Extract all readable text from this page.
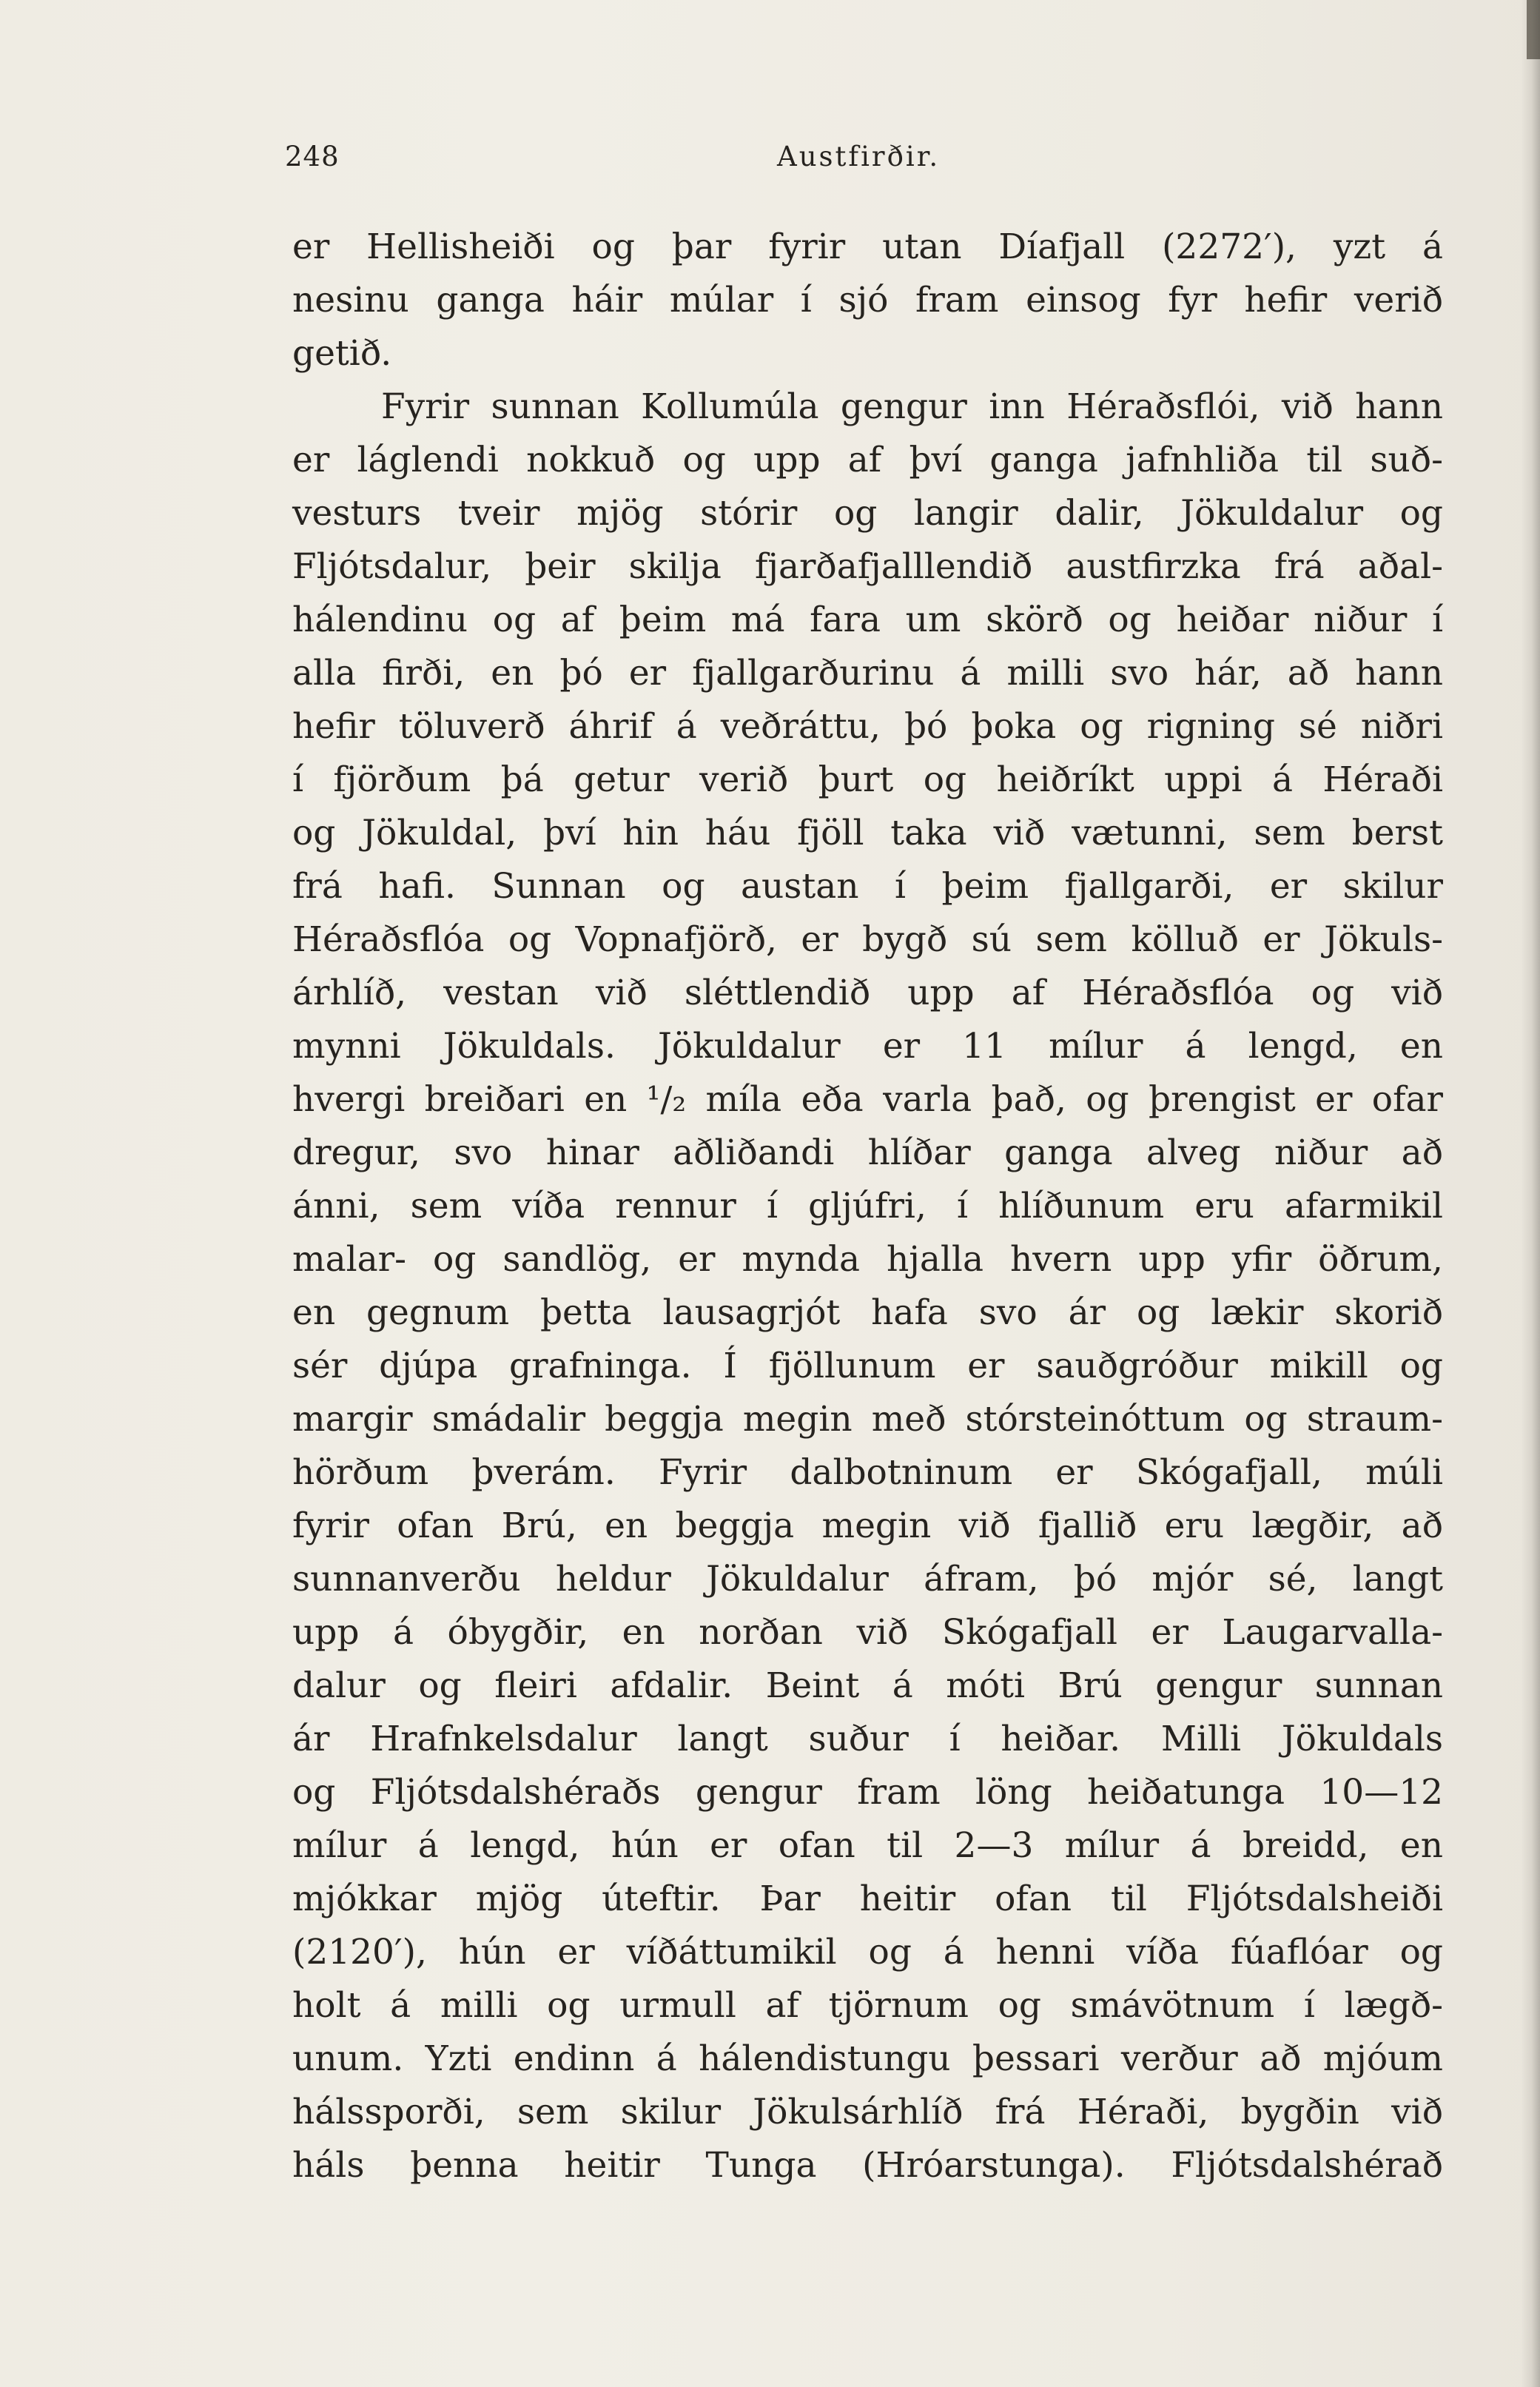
248	Austfirðir.
er Hellisheiði og þar fyrir utan Díafjall (2272′), yzt á
nesinu ganga háir múlar í sjó fram einsog fyr hefir verið
getið.
Fyrir sunnan Kollumúla gengur inn Héraðsflói, við hann
er láglendi nokkuð og upp af því ganga jafnhliða til suð-
vesturs tveir mjög stórir og langir dalir, Jökuldalur og
Fljótsdalur, þeir skilja fjarðafjalllendið austfirzka frá aðal-
hálendinu og af þeim má fara um skörð og heiðar niður í
alla firði, en þó er fjallgarðurinu á milli svo hár, að hann
hefir töluverð áhrif á veðráttu, þó þoka og rigning sé niðri
í fjörðum þá getur verið þurt og heiðríkt uppi á Héraði
og Jökuldal, því hin háu fjöll taka við vætunni, sem berst
frá hafi. Sunnan og austan í þeim fjallgarði, er skilur
Héraðsflóa og Vopnafjörð, er bygð sú sem kölluð er Jökuls-
árhlíð, vestan við sléttlendið upp af Héraðsflóa og við
mynni Jökuldals. Jökuldalur er 11 mílur á lengd, en
hvergi breiðari en ¹/₂ míla eða varla það, og þrengist er ofar
dregur, svo hinar aðliðandi hlíðar ganga alveg niður að
ánni, sem víða rennur í gljúfri, í hlíðunum eru afarmikil
malar- og sandlög, er mynda hjalla hvern upp yfir öðrum,
en gegnum þetta lausagrjót hafa svo ár og lækir skorið
sér djúpa grafninga. Í fjöllunum er sauðgróður mikill og
margir smádalir beggja megin með stórsteinóttum og straum-
hörðum þverám. Fyrir dalbotninum er Skógafjall, múli
fyrir ofan Brú, en beggja megin við fjallið eru lægðir, að
sunnanverðu heldur Jökuldalur áfram, þó mjór sé, langt
upp á óbygðir, en norðan við Skógafjall er Laugarvalla-
dalur og fleiri afdalir. Beint á móti Brú gengur sunnan
ár Hrafnkelsdalur langt suður í heiðar. Milli Jökuldals
og Fljótsdalshéraðs gengur fram löng heiðatunga 10—12
mílur á lengd, hún er ofan til 2—3 mílur á breidd, en
mjókkar mjög úteftir. Þar heitir ofan til Fljótsdalsheiði
(2120′), hún er víðáttumikil og á henni víða fúaflóar og
holt á milli og urmull af tjörnum og smávötnum í lægð-
unum. Yzti endinn á hálendistungu þessari verður að mjóum
hálssporði, sem skilur Jökulsárhlíð frá Héraði, bygðin við
háls þenna heitir Tunga (Hróarstunga). Fljótsdalshérað
